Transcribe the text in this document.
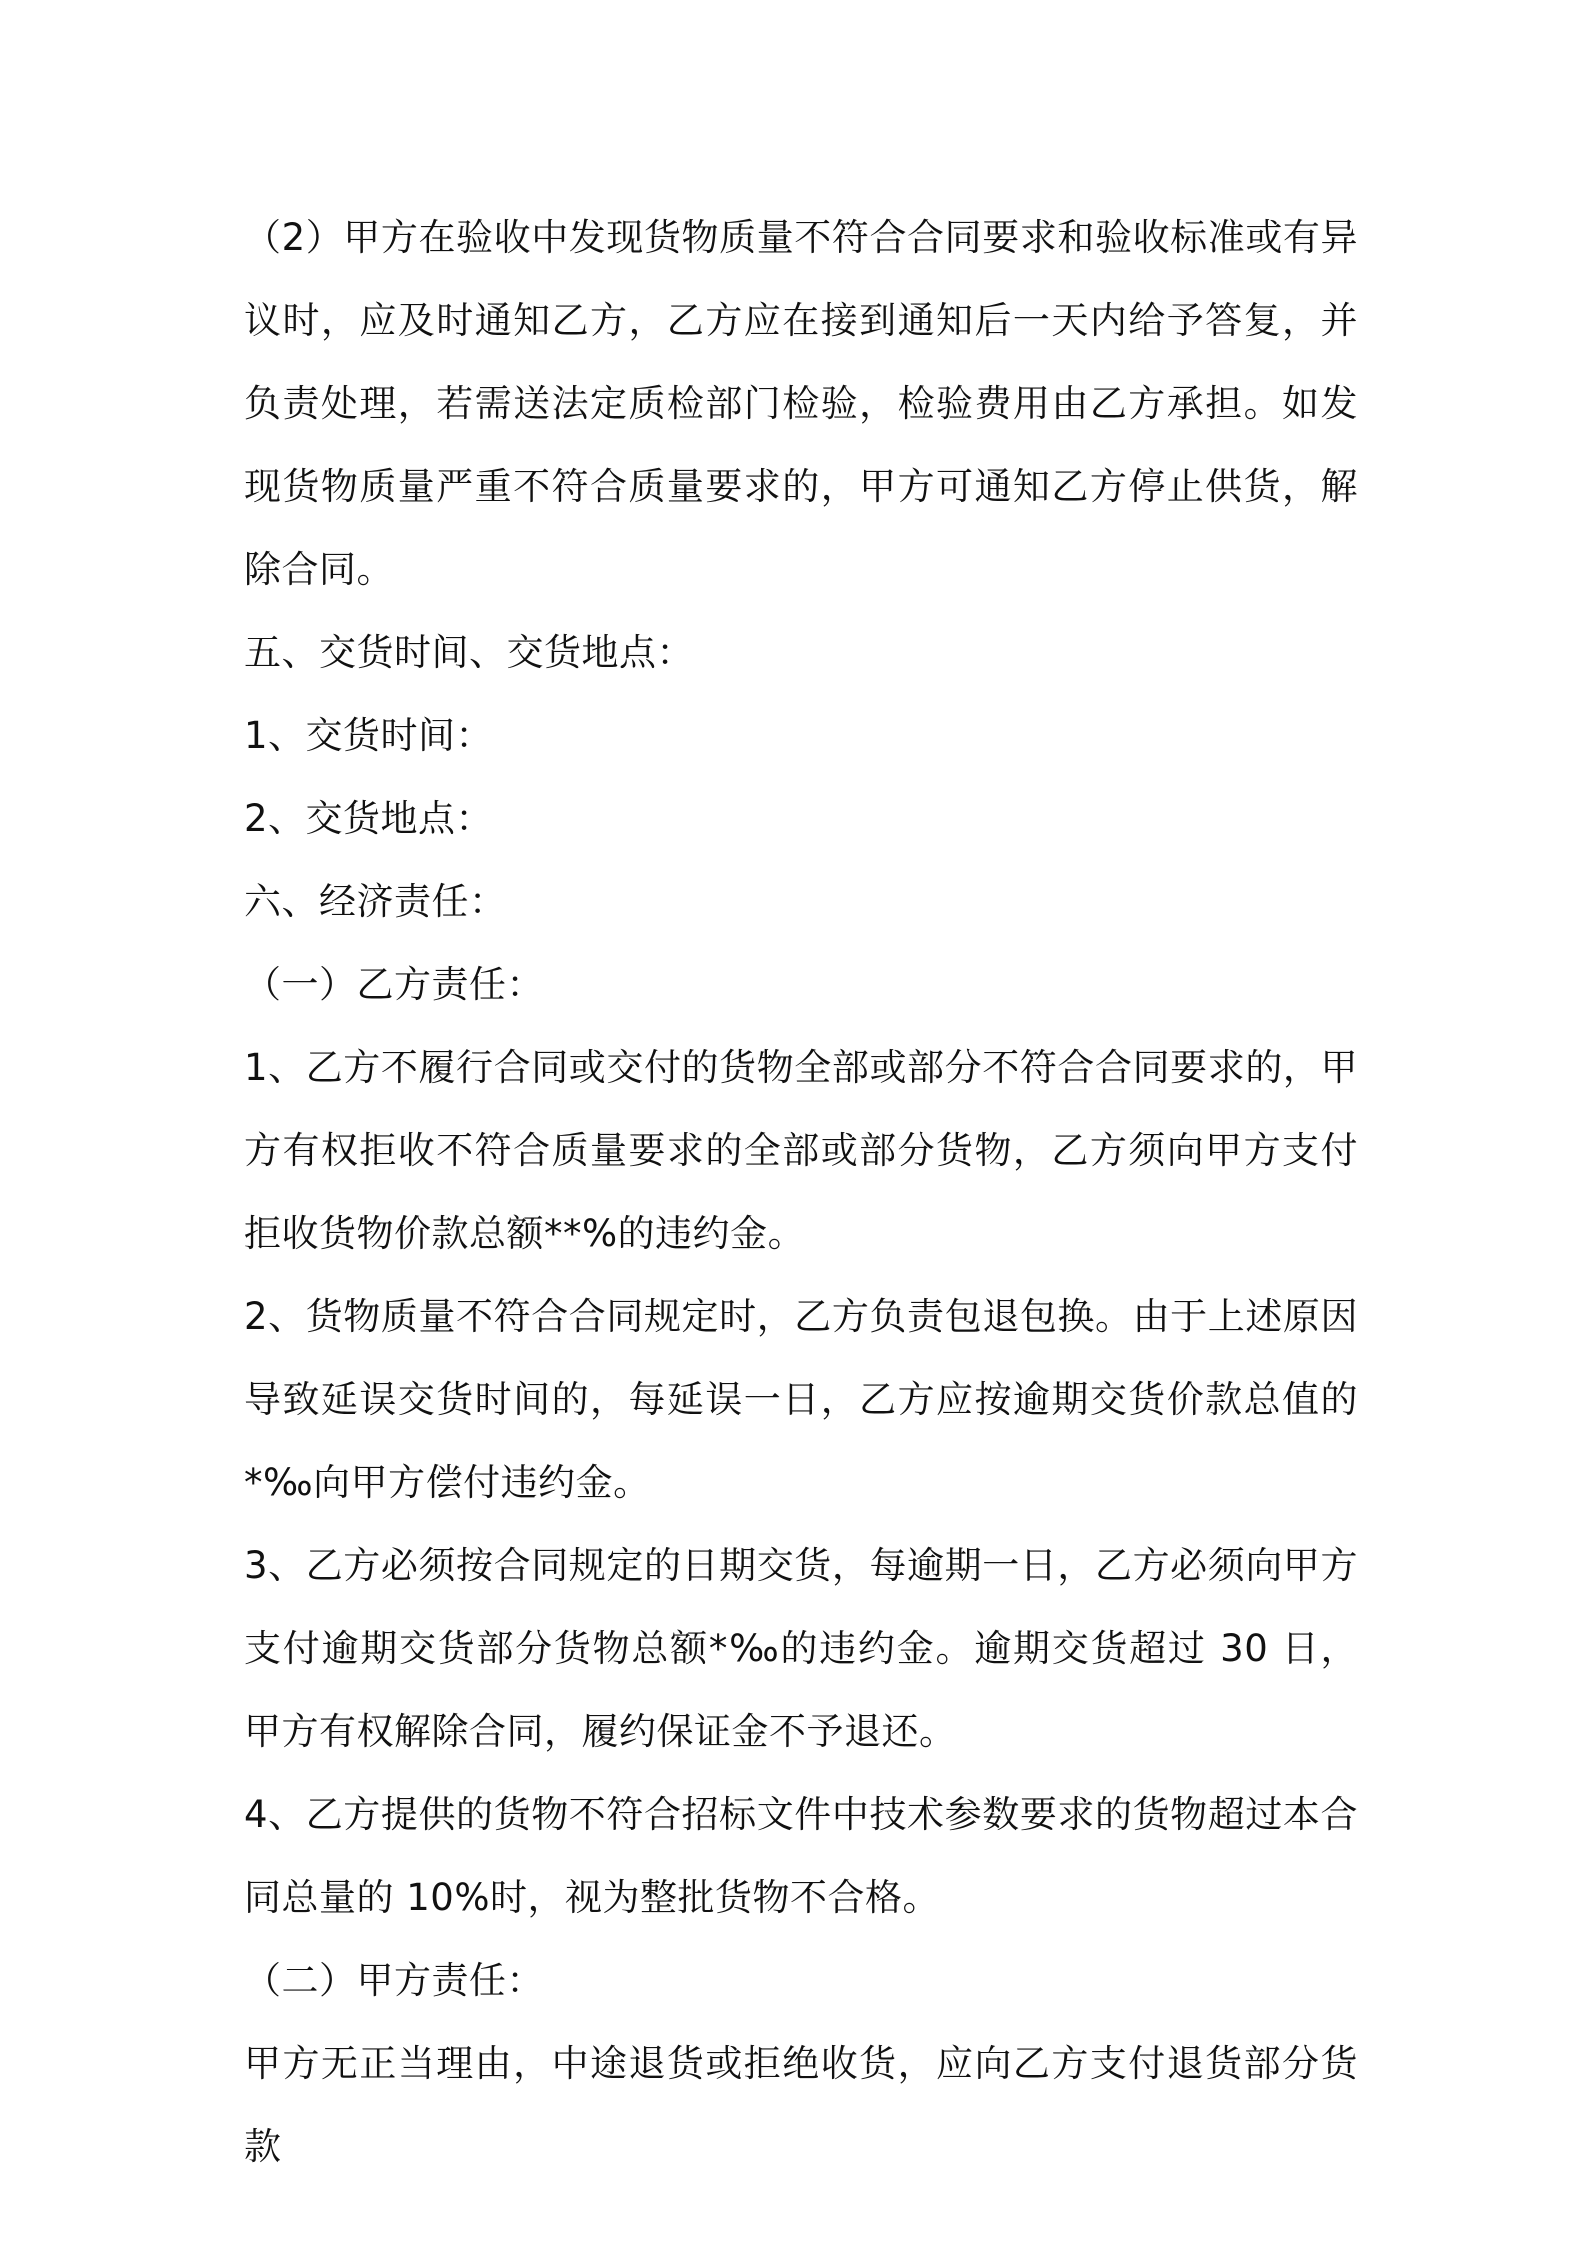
（2）甲方在验收中发现货物质量不符合合同要求和验收标准或有异议时，应及时通知乙方，乙方应在接到通知后一天内给予答复，并负责处理，若需送法定质检部门检验，检验费用由乙方承担。如发现货物质量严重不符合质量要求的，甲方可通知乙方停止供货，解除合同。

五、交货时间、交货地点：

1、交货时间：

2、交货地点：

六、经济责任：

（一）乙方责任：

1、乙方不履行合同或交付的货物全部或部分不符合合同要求的，甲方有权拒收不符合质量要求的全部或部分货物，乙方须向甲方支付拒收货物价款总额**%的违约金。

2、货物质量不符合合同规定时，乙方负责包退包换。由于上述原因导致延误交货时间的，每延误一日，乙方应按逾期交货价款总值的*‰向甲方偿付违约金。

3、乙方必须按合同规定的日期交货，每逾期一日，乙方必须向甲方支付逾期交货部分货物总额*‰的违约金。逾期交货超过 30 日，甲方有权解除合同，履约保证金不予退还。

4、乙方提供的货物不符合招标文件中技术参数要求的货物超过本合同总量的 10%时，视为整批货物不合格。

（二）甲方责任：

甲方无正当理由，中途退货或拒绝收货，应向乙方支付退货部分货款
